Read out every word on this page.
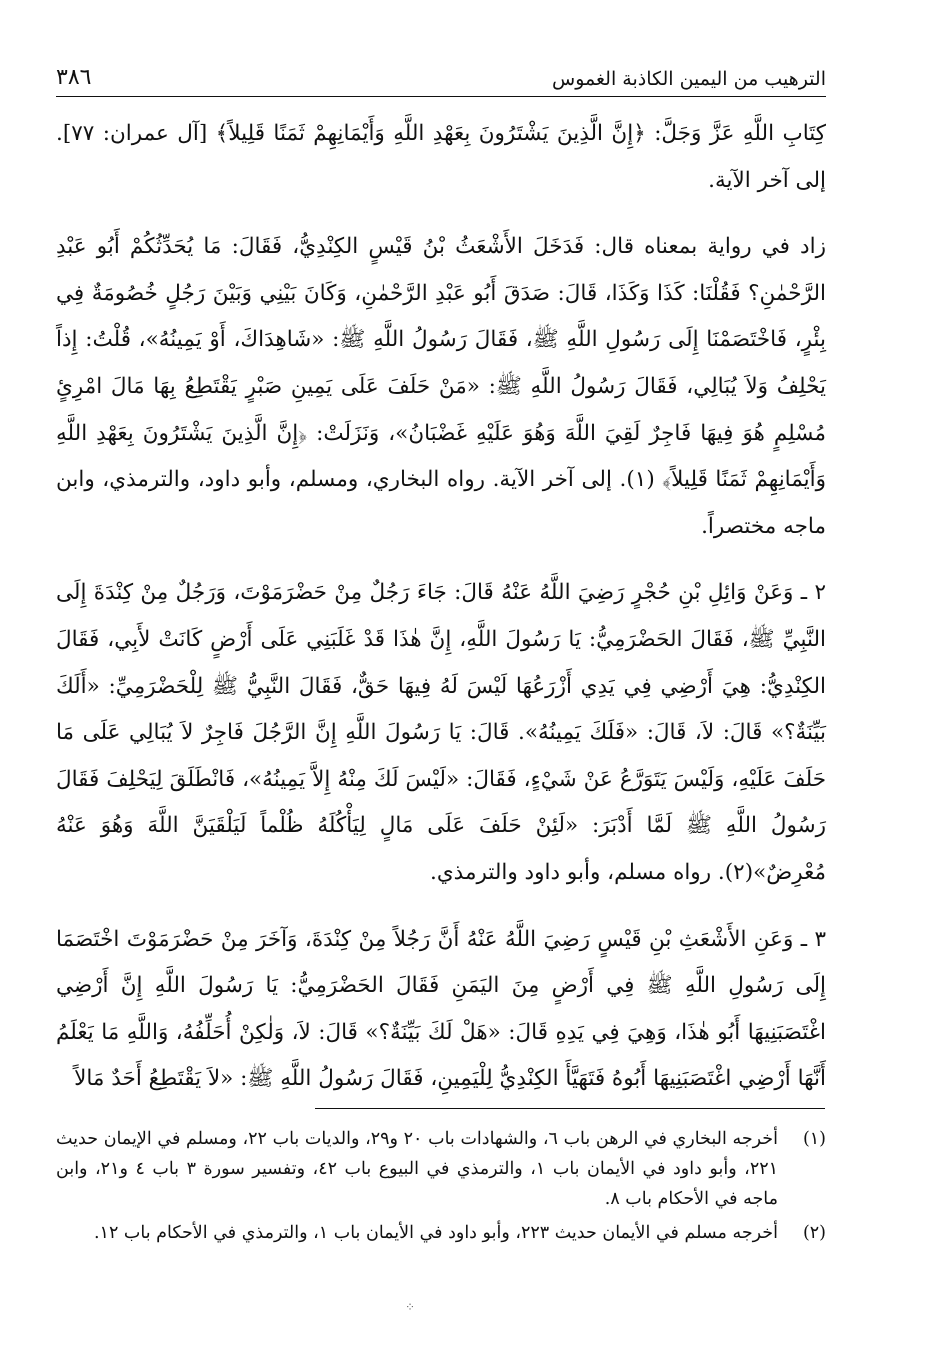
الترهيب من اليمين الكاذبة الغموس
٣٨٦

كِتَابِ اللَّهِ عَزَّ وَجَلَّ: ﴿إِنَّ الَّذِينَ يَشْتَرُونَ بِعَهْدِ اللَّهِ وَأَيْمَانِهِمْ ثَمَنًا قَلِيلاً﴾ [آل عمران: ٧٧]. إلى آخر الآية.

زاد في رواية بمعناه قال: فَدَخَلَ الأَشْعَثُ بْنُ قَيْسٍ الكِنْدِيُّ، فَقَالَ: مَا يُحَدِّثُكُمْ أَبُو عَبْدِ الرَّحْمٰنِ؟ فَقُلْنَا: كَذَا وَكَذَا، قَالَ: صَدَقَ أَبُو عَبْدِ الرَّحْمٰنِ، وَكَانَ بَيْنِي وَبَيْنَ رَجُلٍ خُصُومَةٌ فِي بِئْرٍ، فَاخْتَصَمْنَا إِلَى رَسُولِ اللَّهِ ﷺ، فَقَالَ رَسُولُ اللَّهِ ﷺ: «شَاهِدَاكَ، أَوْ يَمِينُهُ»، قُلْتُ: إِذاً يَحْلِفُ وَلاَ يُبَالِي، فَقَالَ رَسُولُ اللَّهِ ﷺ: «مَنْ حَلَفَ عَلَى يَمِينِ صَبْرٍ يَقْتَطِعُ بِهَا مَالَ امْرِئٍ مُسْلِمٍ هُوَ فِيهَا فَاجِرٌ لَقِيَ اللَّهَ وَهُوَ عَلَيْهِ غَضْبَانُ»، وَنَزَلَتْ: ﴿إِنَّ الَّذِينَ يَشْتَرُونَ بِعَهْدِ اللَّهِ وَأَيْمَانِهِمْ ثَمَنًا قَلِيلاً﴾ (١). إلى آخر الآية. رواه البخاري، ومسلم، وأبو داود، والترمذي، وابن ماجه مختصراً.

٢ ـ وَعَنْ وَائِلِ بْنِ حُجْرٍ رَضِيَ اللَّهُ عَنْهُ قَالَ: جَاءَ رَجُلٌ مِنْ حَضْرَمَوْتَ، وَرَجُلٌ مِنْ كِنْدَةَ إِلَى النَّبِيِّ ﷺ، فَقَالَ الحَضْرَمِيُّ: يَا رَسُولَ اللَّهِ، إِنَّ هٰذَا قَدْ غَلَبَنِي عَلَى أَرْضٍ كَانَتْ لأَبِي، فَقَالَ الكِنْدِيُّ: هِيَ أَرْضِي فِي يَدِي أَزْرَعُهَا لَيْسَ لَهُ فِيهَا حَقٌّ، فَقَالَ النَّبِيُّ ﷺ لِلْحَضْرَمِيِّ: «أَلَكَ بَيِّنَةٌ؟» قَالَ: لاَ، قَالَ: «فَلَكَ يَمِينُهُ». قَالَ: يَا رَسُولَ اللَّهِ إِنَّ الرَّجُلَ فَاجِرٌ لاَ يُبَالِي عَلَى مَا حَلَفَ عَلَيْهِ، وَلَيْسَ يَتَوَرَّعُ عَنْ شَيْءٍ، فَقَالَ: «لَيْسَ لَكَ مِنْهُ إِلاَّ يَمِينُهُ»، فَانْطَلَقَ لِيَحْلِفَ فَقَالَ رَسُولُ اللَّهِ ﷺ لَمَّا أَدْبَرَ: «لَئِنْ حَلَفَ عَلَى مَالٍ لِيَأْكُلَهُ ظُلْماً لَيَلْقَيَنَّ اللَّهَ وَهُوَ عَنْهُ مُعْرِضٌ»(٢). رواه مسلم، وأبو داود والترمذي.

٣ ـ وَعَنِ الأَشْعَثِ بْنِ قَيْسٍ رَضِيَ اللَّهُ عَنْهُ أَنَّ رَجُلاً مِنْ كِنْدَةَ، وَآخَرَ مِنْ حَضْرَمَوْتَ اخْتَصَمَا إِلَى رَسُولِ اللَّهِ ﷺ فِي أَرْضٍ مِنَ اليَمَنِ فَقَالَ الحَضْرَمِيُّ: يَا رَسُولَ اللَّهِ إِنَّ أَرْضِي اغْتَصَبَنِيهَا أَبُو هٰذَا، وَهِيَ فِي يَدِهِ قَالَ: «هَلْ لَكَ بَيِّنَةٌ؟» قَالَ: لاَ، وَلٰكِنْ أُحَلِّفُهُ، وَاللَّهِ مَا يَعْلَمُ أَنَّهَا أَرْضِي اغْتَصَبَنِيهَا أَبُوهُ فَتَهَيَّأَ الكِنْدِيُّ لِلْيَمِينِ، فَقَالَ رَسُولُ اللَّهِ ﷺ: «لاَ يَقْتَطِعُ أَحَدٌ مَالاً

(١)
أخرجه البخاري في الرهن باب ٦، والشهادات باب ٢٠ و٢٩، والديات باب ٢٢، ومسلم في الإيمان حديث ٢٢١، وأبو داود في الأيمان باب ١، والترمذي في البيوع باب ٤٢، وتفسير سورة ٣ باب ٤ و٢١، وابن ماجه في الأحكام باب ٨.
(٢)
أخرجه مسلم في الأيمان حديث ٢٢٣، وأبو داود في الأيمان باب ١، والترمذي في الأحكام باب ١٢.
⁘
